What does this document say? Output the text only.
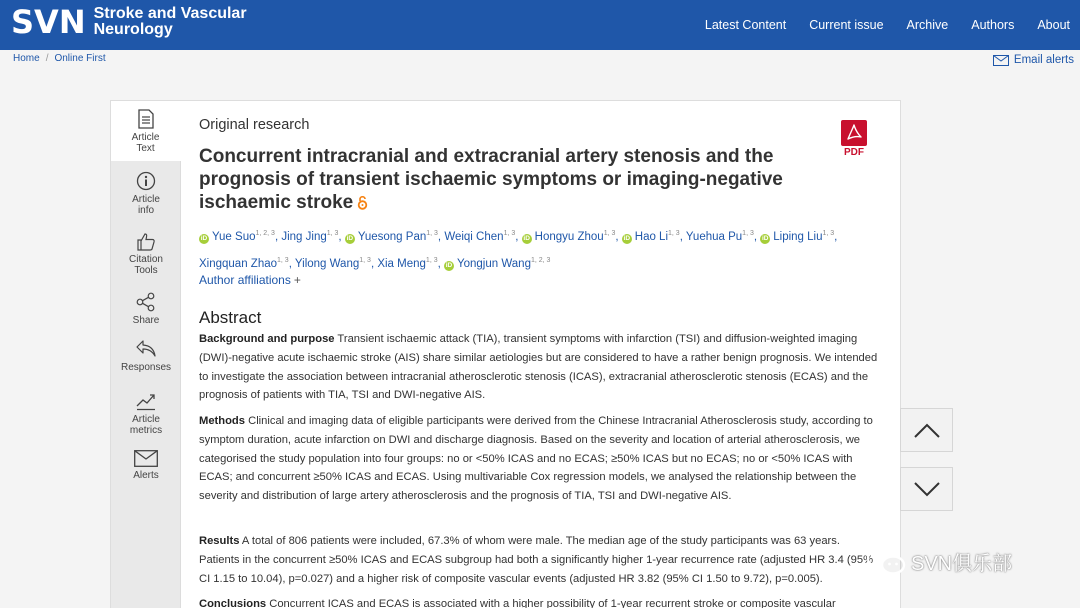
SVN Stroke and Vascular Neurology	Latest Content Current issue Archive Authors About
Home / Online First	Email alerts
Article Text
Article info
Citation Tools
Share
Responses
Article metrics
Alerts
Original research
PDF
Concurrent intracranial and extracranial artery stenosis and the prognosis of transient ischaemic symptoms or imaging-negative ischaemic stroke
iD Yue Suo$^{1, 2, 3}$, Jing Jing$^{1, 3}$, iD Yuesong Pan$^{1, 3}$, Weiqi Chen$^{1, 3}$, iD Hongyu Zhou$^{1, 3}$, iD Hao Li$^{1, 3}$, Yuehua Pu$^{1, 3}$, iD Liping Liu$^{1, 3}$, Xingquan Zhao$^{1, 3}$, Yilong Wang$^{1, 3}$, Xia Meng$^{1, 3}$, iD Yongjun Wang$^{1, 2, 3}$
Author affiliations +
Abstract

Background and purpose Transient ischaemic attack (TIA), transient symptoms with infarction (TSI) and diffusion-weighted imaging (DWI)-negative acute ischaemic stroke (AIS) share similar aetiologies but are considered to have a rather benign prognosis. We intended to investigate the association between intracranial atherosclerotic stenosis (ICAS), extracranial atherosclerotic stenosis (ECAS) and the prognosis of patients with TIA, TSI and DWI-negative AIS.

Methods Clinical and imaging data of eligible participants were derived from the Chinese Intracranial Atherosclerosis study, according to symptom duration, acute infarction on DWI and discharge diagnosis. Based on the severity and location of arterial atherosclerosis, we categorised the study population into four groups: no or <50% ICAS and no ECAS; ≥50% ICAS but no ECAS; no or <50% ICAS with ECAS; and concurrent ≥50% ICAS and ECAS. Using multivariable Cox regression models, we analysed the relationship between the severity and distribution of large artery atherosclerosis and the prognosis of TIA, TSI and DWI-negative AIS.

Results A total of 806 patients were included, 67.3% of whom were male. The median age of the study participants was 63 years. Patients in the concurrent ≥50% ICAS and ECAS subgroup had both a significantly higher 1-year recurrence rate (adjusted HR 3.4 (95% CI 1.15 to 10.04), p=0.027) and a higher risk of composite vascular events (adjusted HR 3.82 (95% CI 1.50 to 9.72), p=0.005).

Conclusions Concurrent ICAS and ECAS is associated with a higher possibility of 1-year recurrent stroke or composite vascular

SVN俱乐部
